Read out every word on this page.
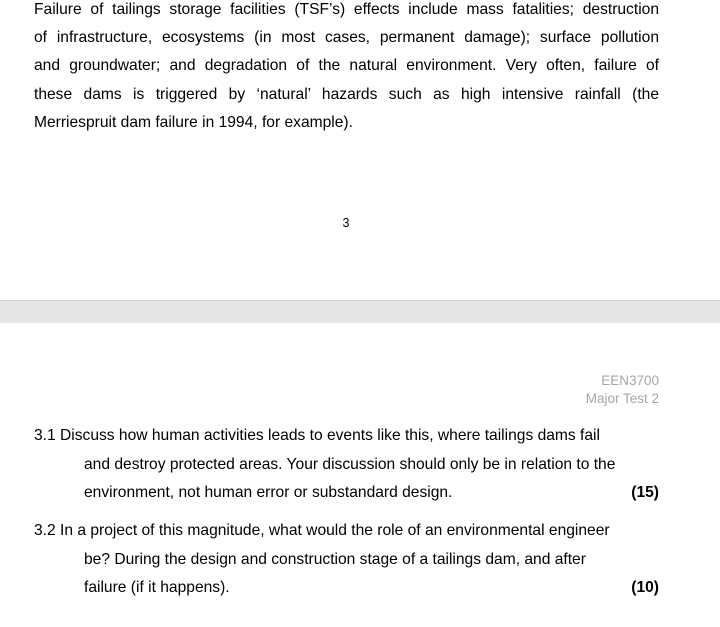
Failure of tailings storage facilities (TSF’s) effects include mass fatalities; destruction
of infrastructure, ecosystems (in most cases, permanent damage); surface pollution
and groundwater; and degradation of the natural environment. Very often, failure of
these dams is triggered by ‘natural’ hazards such as high intensive rainfall (the
Merriespruit dam failure in 1994, for example).

3
EEN3700
Major Test 2
3.1 Discuss how human activities leads to events like this, where tailings dams fail
and destroy protected areas. Your discussion should only be in relation to the
environment, not human error or substandard design.	(15)
3.2 In a project of this magnitude, what would the role of an environmental engineer
be? During the design and construction stage of a tailings dam, and after
failure (if it happens).	(10)
